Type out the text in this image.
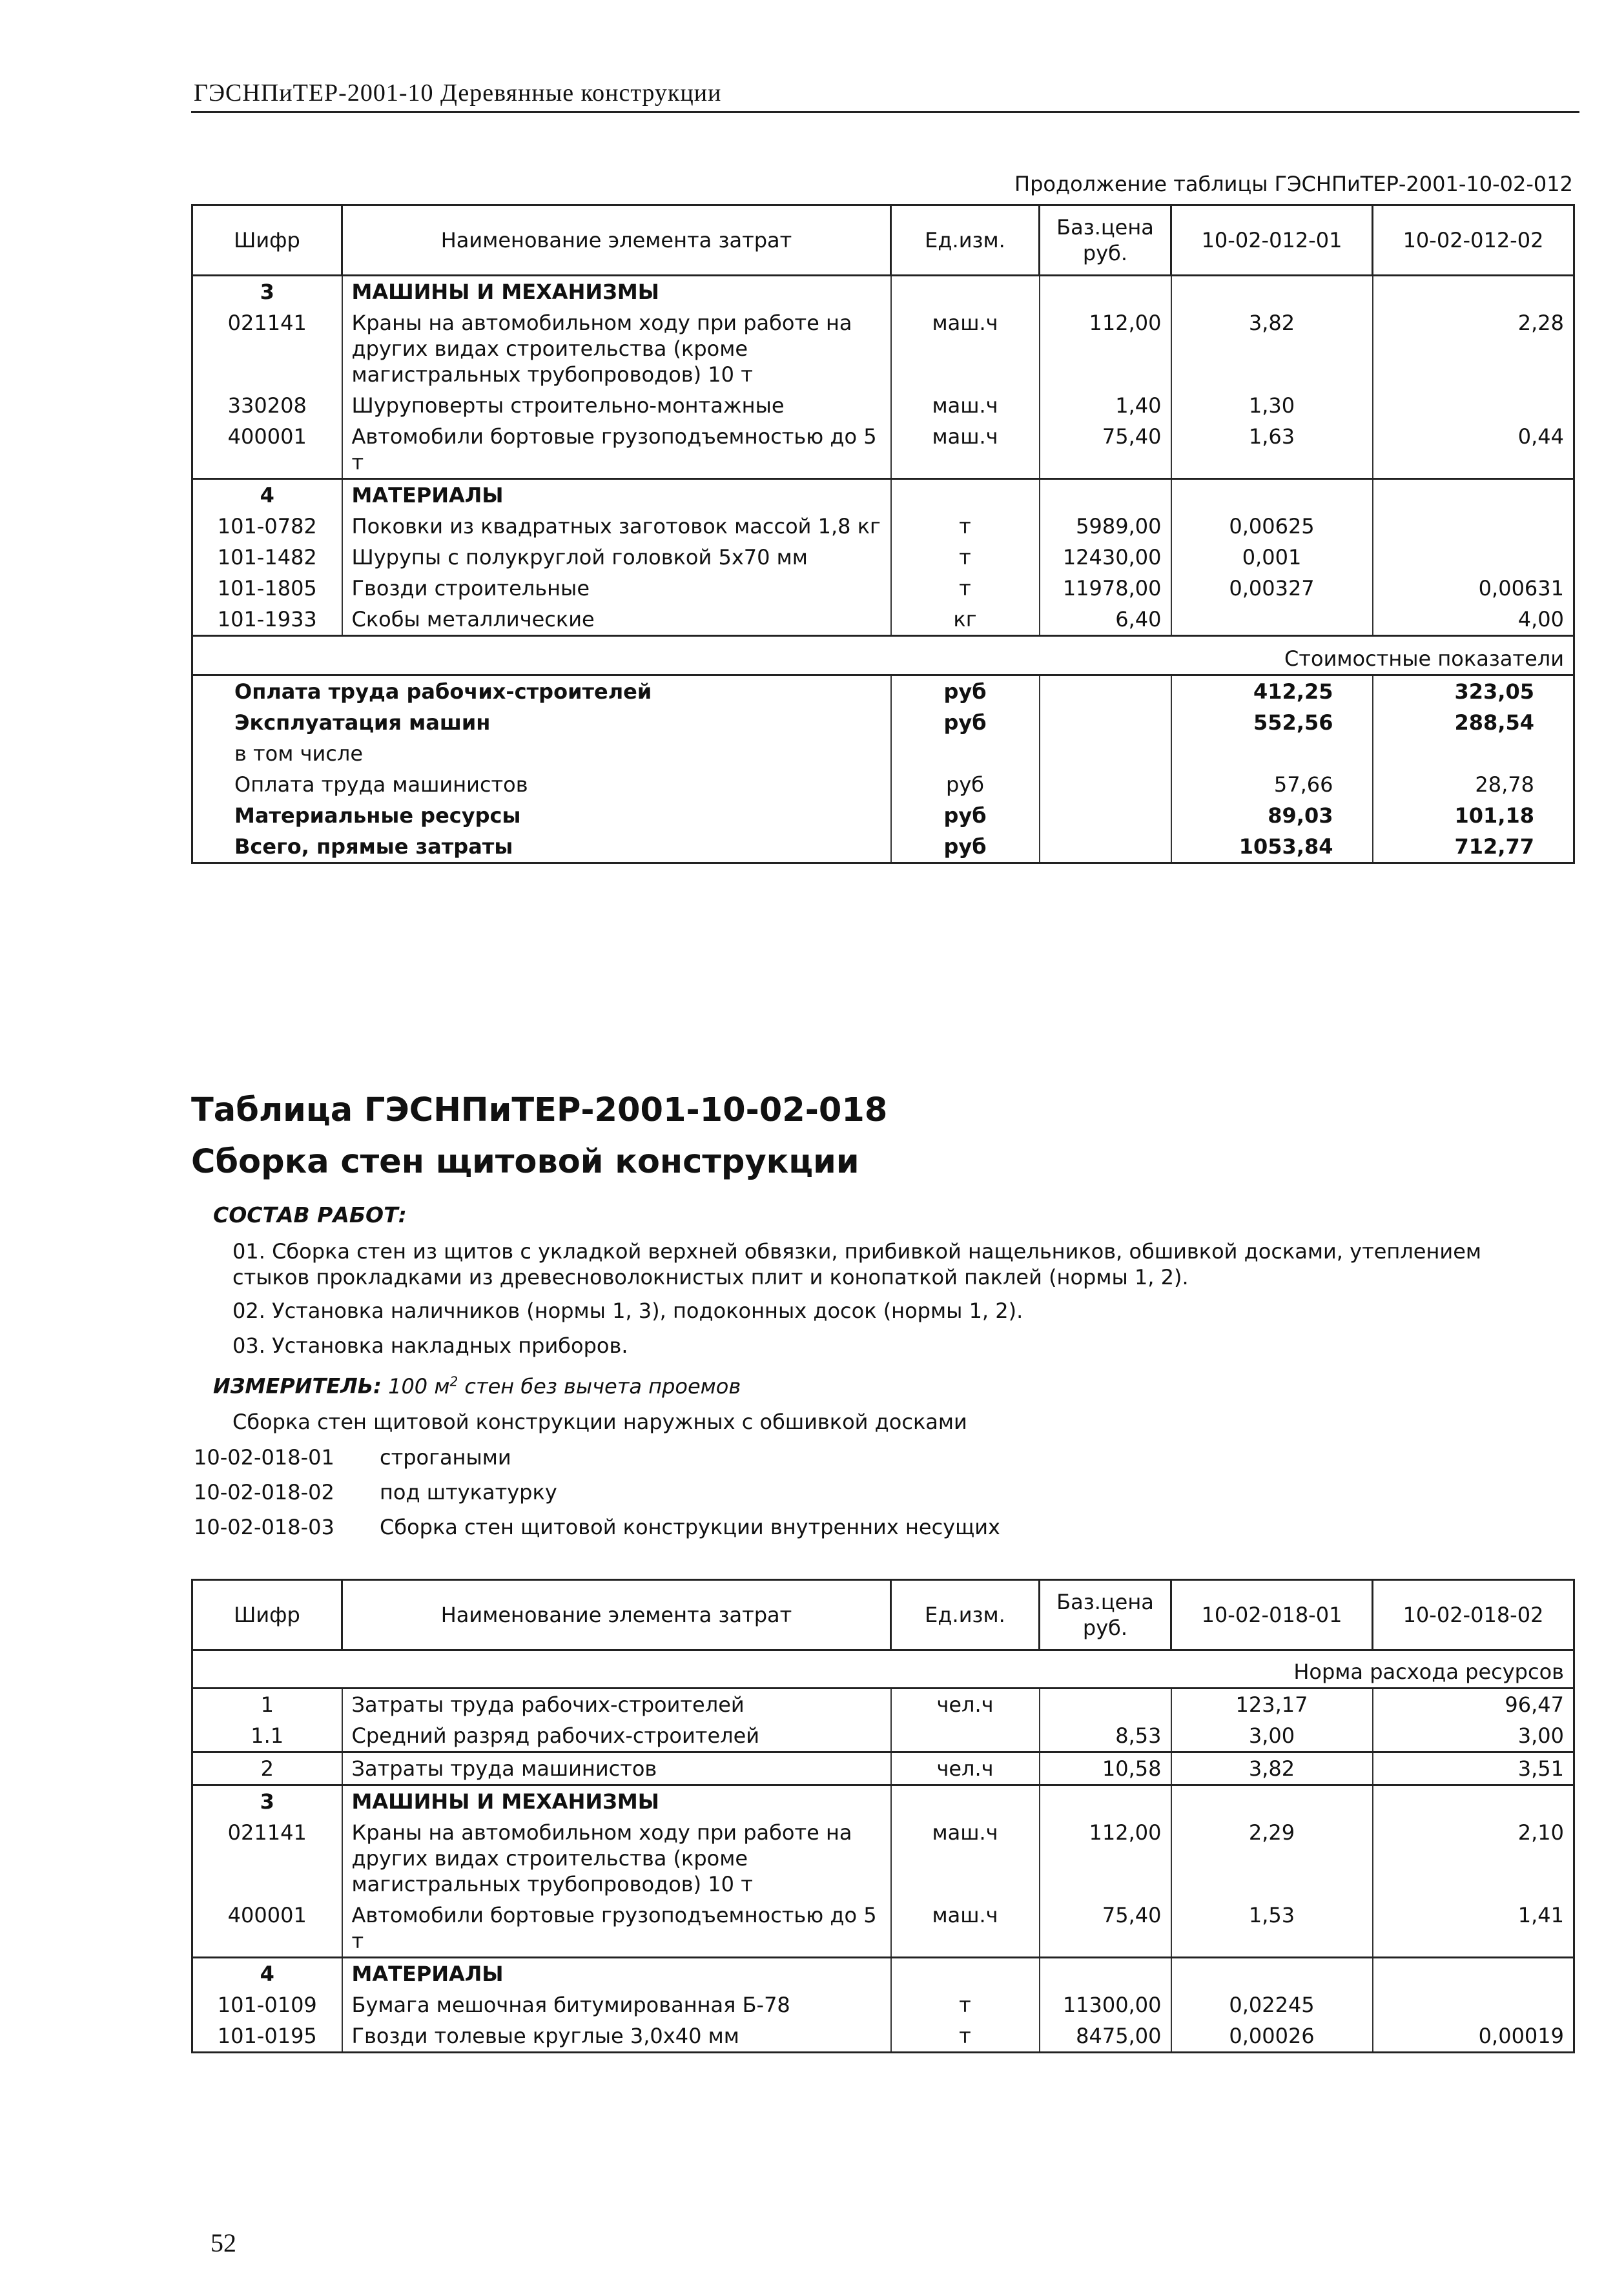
ГЭСНПиТЕР-2001-10 Деревянные конструкции
Продолжение таблицы ГЭСНПиТЕР-2001-10-02-012
Шифр	Наименование элемента затрат	Ед.изм.	Баз.цена руб.	10-02-012-01	10-02-012-02
3	МАШИНЫ И МЕХАНИЗМЫ				
021141	Краны на автомобильном ходу при работе на других видах строительства (кроме магистральных трубопроводов) 10 т	маш.ч	112,00	3,82	2,28
330208	Шуруповерты строительно-монтажные	маш.ч	1,40	1,30	
400001	Автомобили бортовые грузоподъемностью до 5 т	маш.ч	75,40	1,63	0,44
4	МАТЕРИАЛЫ				
101-0782	Поковки из квадратных заготовок массой 1,8 кг	т	5989,00	0,00625	
101-1482	Шурупы с полукруглой головкой 5х70 мм	т	12430,00	0,001	
101-1805	Гвозди строительные	т	11978,00	0,00327	0,00631
101-1933	Скобы металлические	кг	6,40		4,00
Стоимостные показатели					
Оплата труда рабочих-строителей		руб		412,25	323,05
Эксплуатация машин		руб		552,56	288,54
в том числе					
Оплата труда машинистов		руб		57,66	28,78
Материальные ресурсы		руб		89,03	101,18
Всего, прямые затраты		руб		1053,84	712,77
Таблица ГЭСНПиТЕР-2001-10-02-018
Сборка стен щитовой конструкции
СОСТАВ РАБОТ:
01. Сборка стен из щитов с укладкой верхней обвязки, прибивкой нащельников, обшивкой досками, утеплением стыков прокладками из древесноволокнистых плит и конопаткой паклей (нормы 1, 2).
02. Установка наличников (нормы 1, 3), подоконных досок (нормы 1, 2).
03. Установка накладных приборов.
ИЗМЕРИТЕЛЬ: 100 $м^2$ стен без вычета проемов
Сборка стен щитовой конструкции наружных с обшивкой досками
10-02-018-01 строгаными
10-02-018-02 под штукатурку
10-02-018-03 Сборка стен щитовой конструкции внутренних несущих
Шифр	Наименование элемента затрат	Ед.изм.	Баз.цена руб.	10-02-018-01	10-02-018-02
Норма расхода ресурсов					
1	Затраты труда рабочих-строителей	чел.ч		123,17	96,47
1.1	Средний разряд рабочих-строителей		8,53	3,00	3,00
2	Затраты труда машинистов	чел.ч	10,58	3,82	3,51
3	МАШИНЫ И МЕХАНИЗМЫ				
021141	Краны на автомобильном ходу при работе на других видах строительства (кроме магистральных трубопроводов) 10 т	маш.ч	112,00	2,29	2,10
400001	Автомобили бортовые грузоподъемностью до 5 т	маш.ч	75,40	1,53	1,41
4	МАТЕРИАЛЫ				
101-0109	Бумага мешочная битумированная Б-78	т	11300,00	0,02245	
101-0195	Гвозди толевые круглые 3,0х40 мм	т	8475,00	0,00026	0,00019
52
